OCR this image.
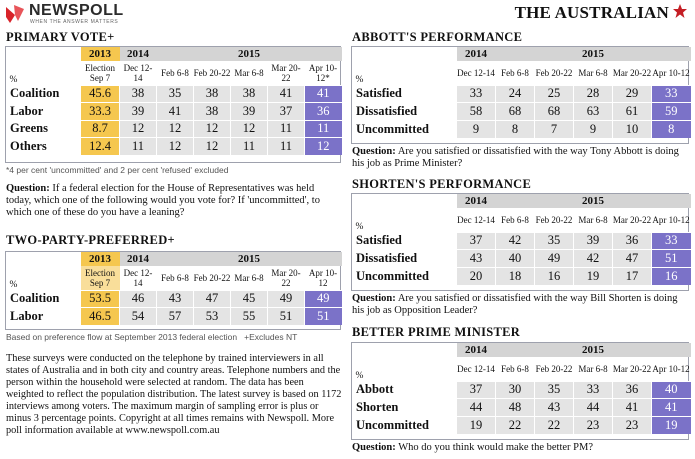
NEWSPOLL
WHEN THE ANSWER MATTERS	THE AUSTRALIAN
PRIMARY VOTE+
	2013	2014	2015				
%	Election Sep 7	Dec 12-14	Feb 6-8	Feb 20-22	Mar 6-8	Mar 20-22	Apr 10-12*
Coalition	45.6	38	35	38	38	41	41
Labor	33.3	39	41	38	39	37	36
Greens	8.7	12	12	12	12	11	11
Others	12.4	11	12	12	11	11	12
*4 per cent 'uncommitted' and 2 per cent 'refused' excluded
Question: If a federal election for the House of Representatives was held today, which one of the following would you vote for? If 'uncommitted', to which one of these do you have a leaning?
TWO-PARTY-PREFERRED+
	2013	2014	2015				
%	Election Sep 7	Dec 12-14	Feb 6-8	Feb 20-22	Mar 6-8	Mar 20-22	Apr 10-12
Coalition	53.5	46	43	47	45	49	49
Labor	46.5	54	57	53	55	51	51
Based on preference flow at September 2013 federal election   +Excludes NT
These surveys were conducted on the telephone by trained interviewers in all states of Australia and in both city and country areas. Telephone numbers and the person within the household were selected at random. The data has been weighted to reflect the population distribution. The latest survey is based on 1172 interviews among voters. The maximum margin of sampling error is plus or minus 3 percentage points. Copyright at all times remains with Newspoll. More poll information available at www.newspoll.com.au
ABBOTT'S PERFORMANCE
	2014	2015				
%	Dec 12-14	Feb 6-8	Feb 20-22	Mar 6-8	Mar 20-22	Apr 10-12
Satisfied	33	24	25	28	29	33
Dissatisfied	58	68	68	63	61	59
Uncommitted	9	8	7	9	10	8
Question: Are you satisfied or dissatisfied with the way Tony Abbott is doing his job as Prime Minister?
SHORTEN'S PERFORMANCE
	2014	2015				
%	Dec 12-14	Feb 6-8	Feb 20-22	Mar 6-8	Mar 20-22	Apr 10-12
Satisfied	37	42	35	39	36	33
Dissatisfied	43	40	49	42	47	51
Uncommitted	20	18	16	19	17	16
Question: Are you satisfied or dissatisfied with the way Bill Shorten is doing his job as Opposition Leader?
BETTER PRIME MINISTER
	2014	2015				
%	Dec 12-14	Feb 6-8	Feb 20-22	Mar 6-8	Mar 20-22	Apr 10-12
Abbott	37	30	35	33	36	40
Shorten	44	48	43	44	41	41
Uncommitted	19	22	22	23	23	19
Question: Who do you think would make the better PM?
